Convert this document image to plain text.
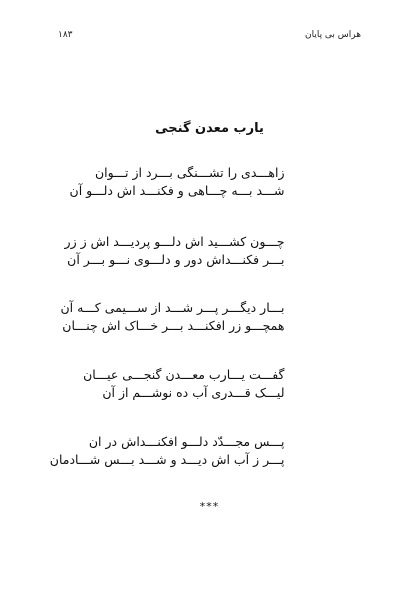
۱۸۳	هراس بی پایان
یارب معدن گنجی
زاهـــدی را تشـــنگی بـــرد از تـــوان
شـــد بـــه چـــاهی و فکنـــد اش دلـــو آن
چـــون کشـــید اش دلـــو پردیـــد اش ز زر
بـــر فکنـــداش دور و دلـــوی نـــو بـــر آن
بـــار دیگـــر پـــر شـــد از ســـیمی کـــه آن
همچـــو زر افکنـــد بـــر خـــاک اش چنـــان
گفـــت یـــارب معـــدن گنجـــی عیـــان
لیـــک قـــدری آب ده نوشـــم از آن
پـــس مجـــدّد دلـــو افکنـــداش در ان
پـــر ز آب اش دیـــد و شـــد بـــس شـــادمان
***
